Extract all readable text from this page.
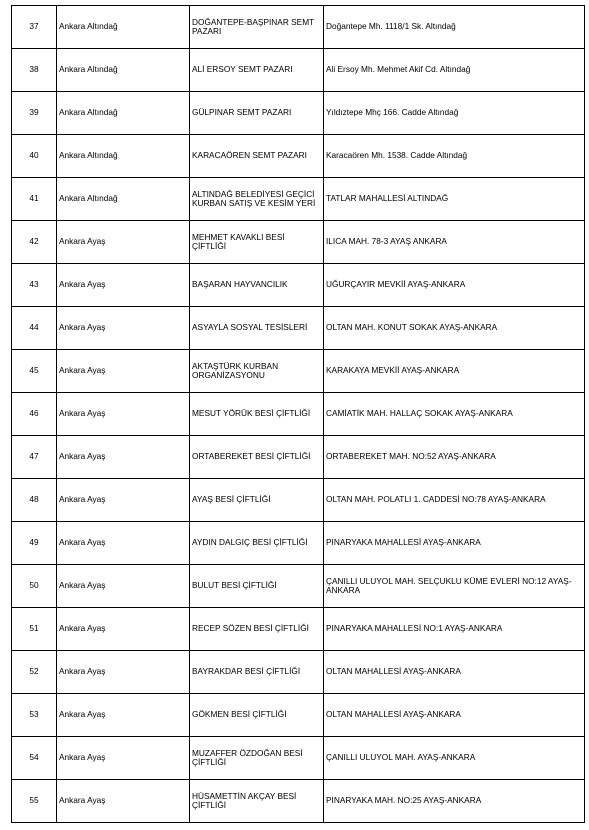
37	Ankara Altındağ	DOĞANTEPE-BAŞPINAR SEMT PAZARI	Doğantepe Mh. 1118/1 Sk. Altındağ
38	Ankara Altındağ	ALİ ERSOY SEMT PAZARI	Ali Ersoy Mh. Mehmet Akif Cd. Altındağ
39	Ankara Altındağ	GÜLPINAR SEMT PAZARI	Yıldıztepe Mhç 166. Cadde Altındağ
40	Ankara Altındağ	KARACAÖREN SEMT PAZARI	Karacaören Mh. 1538. Cadde Altındağ
41	Ankara Altındağ	ALTINDAĞ BELEDİYESİ GEÇİCİ KURBAN SATIŞ VE KESİM YERİ	TATLAR MAHALLESİ ALTINDAĞ
42	Ankara Ayaş	MEHMET KAVAKLI BESİ ÇİFTLİĞİ	ILICA MAH. 78-3 AYAŞ ANKARA
43	Ankara Ayaş	BAŞARAN HAYVANCILIK	UĞURÇAYIR MEVKİİ AYAŞ-ANKARA
44	Ankara Ayaş	ASYAYLA SOSYAL TESİSLERİ	OLTAN MAH. KONUT SOKAK AYAŞ-ANKARA
45	Ankara Ayaş	AKTAŞTÜRK KURBAN ORGANİZASYONU	KARAKAYA MEVKİİ AYAŞ-ANKARA
46	Ankara Ayaş	MESUT YÖRÜK BESİ ÇİFTLİĞİ	CAMİATİK MAH. HALLAÇ SOKAK AYAŞ-ANKARA
47	Ankara Ayaş	ORTABEREKET BESİ ÇİFTLİĞİ	ORTABEREKET MAH. NO:52 AYAŞ-ANKARA
48	Ankara Ayaş	AYAŞ BESİ ÇİFTLİĞİ	OLTAN MAH. POLATLI 1. CADDESİ NO:78 AYAŞ-ANKARA
49	Ankara Ayaş	AYDIN DALGIÇ BESİ ÇİFTLİĞİ	PINARYAKA MAHALLESİ AYAŞ-ANKARA
50	Ankara Ayaş	BULUT BESİ ÇİFTLİĞİ	ÇANILLI ULUYOL MAH. SELÇUKLU KÜME EVLERİ NO:12 AYAŞ-ANKARA
51	Ankara Ayaş	RECEP SÖZEN BESİ ÇİFTLİĞİ	PINARYAKA MAHALLESİ NO:1 AYAŞ-ANKARA
52	Ankara Ayaş	BAYRAKDAR BESİ ÇİFTLİĞİ	OLTAN MAHALLESİ AYAŞ-ANKARA
53	Ankara Ayaş	GÖKMEN BESİ ÇİFTLİĞİ	OLTAN MAHALLESİ AYAŞ-ANKARA
54	Ankara Ayaş	MUZAFFER ÖZDOĞAN BESİ ÇİFTLİĞİ	ÇANILLI ULUYOL MAH. AYAŞ-ANKARA
55	Ankara Ayaş	HÜSAMETTİN AKÇAY BESİ ÇİFTLİĞİ	PINARYAKA MAH. NO:25 AYAŞ-ANKARA
